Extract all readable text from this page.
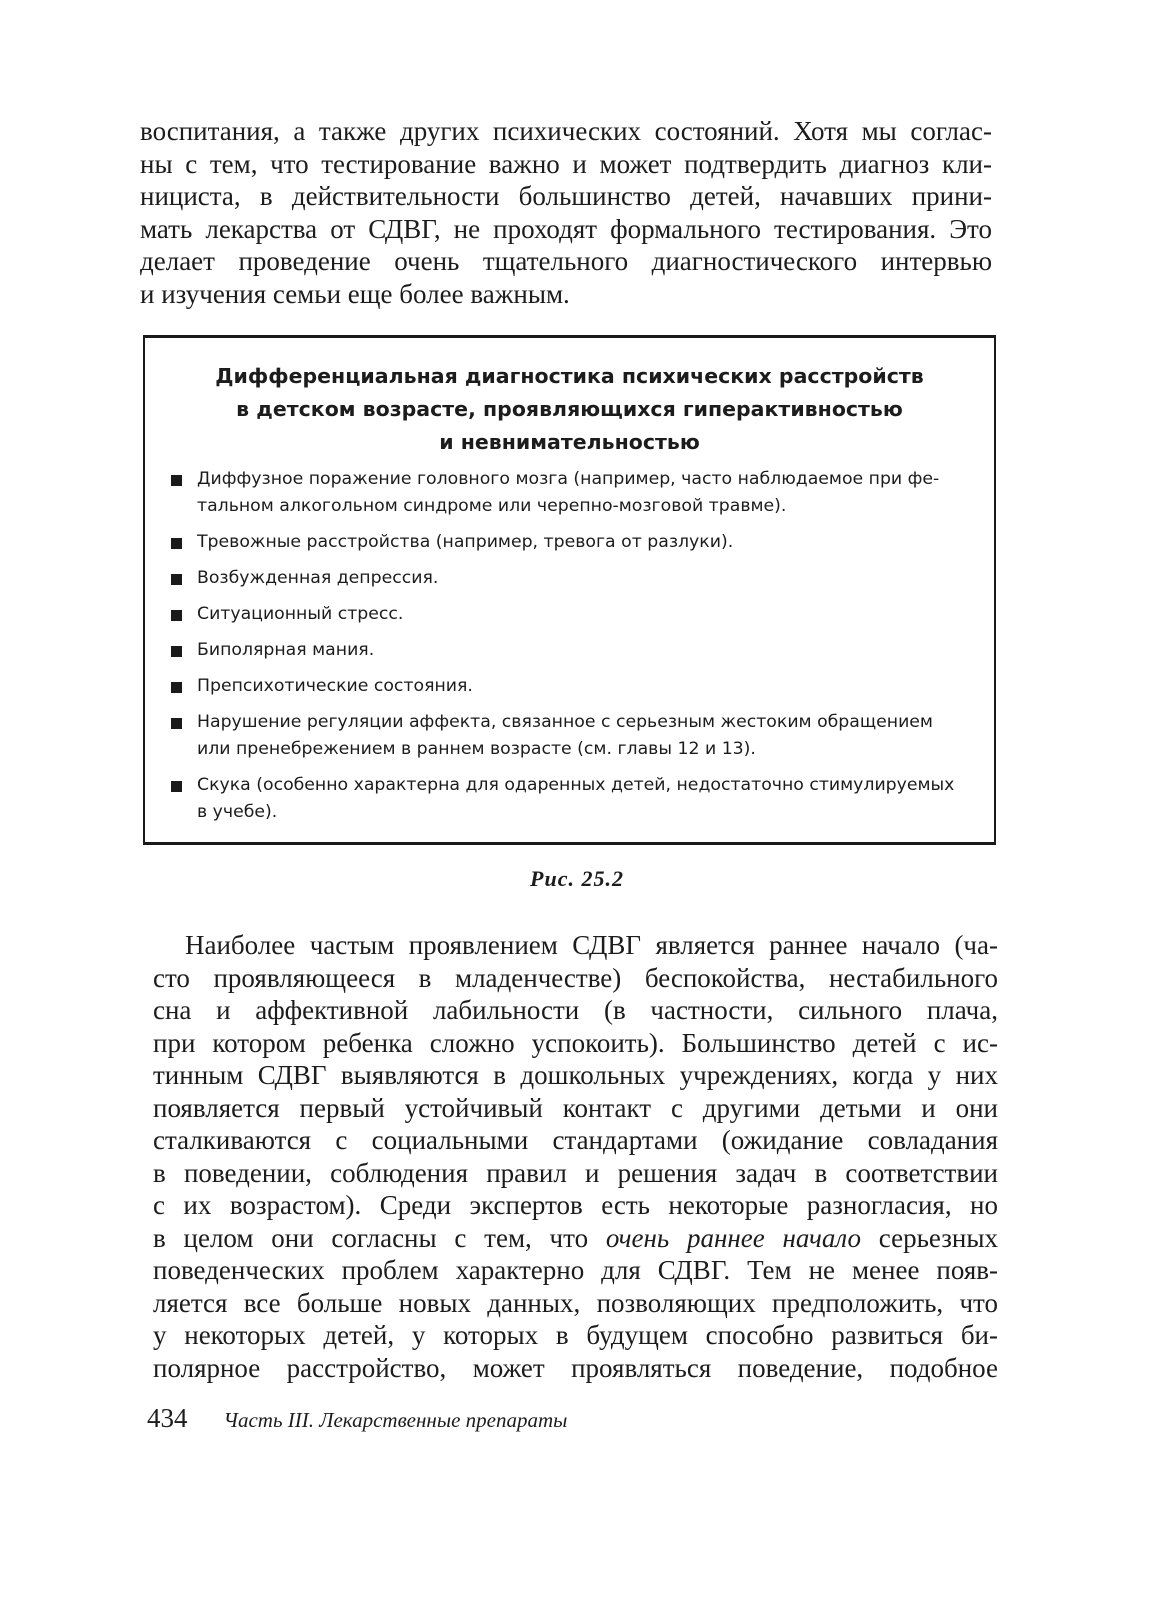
воспитания, а также других психических состояний. Хотя мы соглас-
ны с тем, что тестирование важно и может подтвердить диагноз кли-
нициста, в действительности большинство детей, начавших прини-
мать лекарства от СДВГ, не проходят формального тестирования. Это
делает проведение очень тщательного диагностического интервью
и изучения семьи еще более важным.

Дифференциальная диагностика психических расстройств
в детском возрасте, проявляющихся гиперактивностью
и невнимательностью
Диффузное поражение головного мозга (например, часто наблюдаемое при фе-
тальном алкогольном синдроме или черепно-мозговой травме).
Тревожные расстройства (например, тревога от разлуки).
Возбужденная депрессия.
Ситуационный стресс.
Биполярная мания.
Препсихотические состояния.
Нарушение регуляции аффекта, связанное с серьезным жестоким обращением
или пренебрежением в раннем возрасте (см. главы 12 и 13).
Скука (особенно характерна для одаренных детей, недостаточно стимулируемых
в учебе).
Рис. 25.2

Наиболее частым проявлением СДВГ является раннее начало (ча-
сто проявляющееся в младенчестве) беспокойства, нестабильного
сна и аффективной лабильности (в частности, сильного плача,
при котором ребенка сложно успокоить). Большинство детей с ис-
тинным СДВГ выявляются в дошкольных учреждениях, когда у них
появляется первый устойчивый контакт с другими детьми и они
сталкиваются с социальными стандартами (ожидание совладания
в поведении, соблюдения правил и решения задач в соответствии
с их возрастом). Среди экспертов есть некоторые разногласия, но
в целом они согласны с тем, что очень раннее начало серьезных
поведенческих проблем характерно для СДВГ. Тем не менее появ-
ляется все больше новых данных, позволяющих предположить, что
у некоторых детей, у которых в будущем способно развиться би-
полярное расстройство, может проявляться поведение, подобное

434 Часть III. Лекарственные препараты
